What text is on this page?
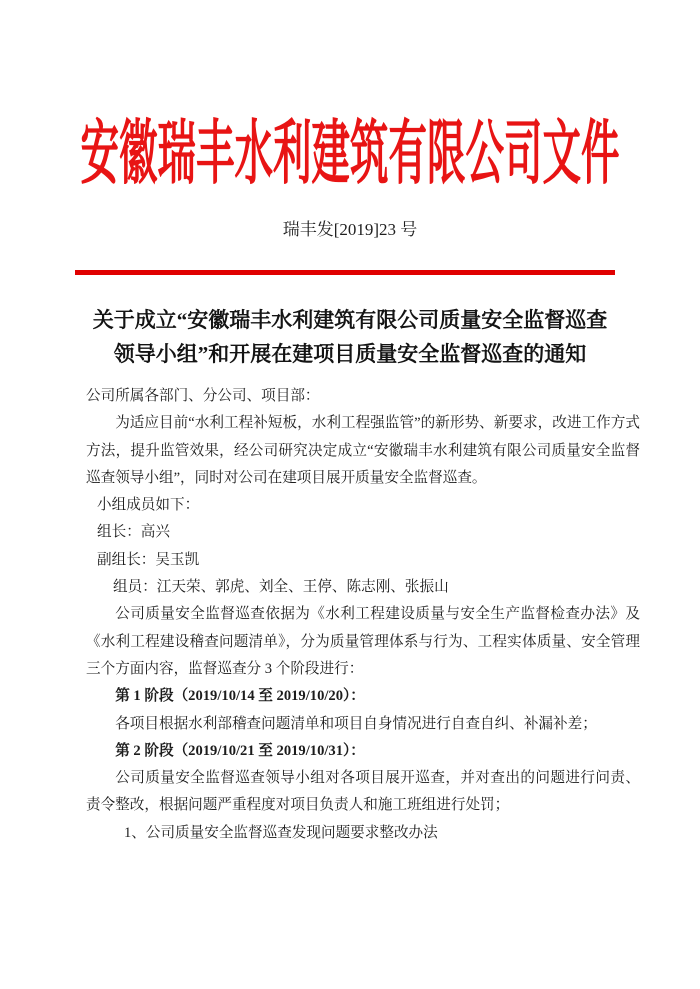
安徽瑞丰水利建筑有限公司文件
瑞丰发[2019]23 号
关于成立“安徽瑞丰水利建筑有限公司质量安全监督巡查
领导小组”和开展在建项目质量安全监督巡查的通知

公司所属各部门、分公司、项目部：

为适应目前“水利工程补短板，水利工程强监管”的新形势、新要求，改进工作方式方法，提升监管效果，经公司研究决定成立“安徽瑞丰水利建筑有限公司质量安全监督巡查领导小组”，同时对公司在建项目展开质量安全监督巡查。

小组成员如下：

组长：高兴

副组长：吴玉凯

组员：江天荣、郭虎、刘全、王停、陈志刚、张振山

公司质量安全监督巡查依据为《水利工程建设质量与安全生产监督检查办法》及《水利工程建设稽查问题清单》，分为质量管理体系与行为、工程实体质量、安全管理三个方面内容，监督巡查分 3 个阶段进行：

第 1 阶段（2019/10/14 至 2019/10/20）：

各项目根据水利部稽查问题清单和项目自身情况进行自查自纠、补漏补差；

第 2 阶段（2019/10/21 至 2019/10/31）：

公司质量安全监督巡查领导小组对各项目展开巡查，并对查出的问题进行问责、责令整改，根据问题严重程度对项目负责人和施工班组进行处罚；

1、公司质量安全监督巡查发现问题要求整改办法
